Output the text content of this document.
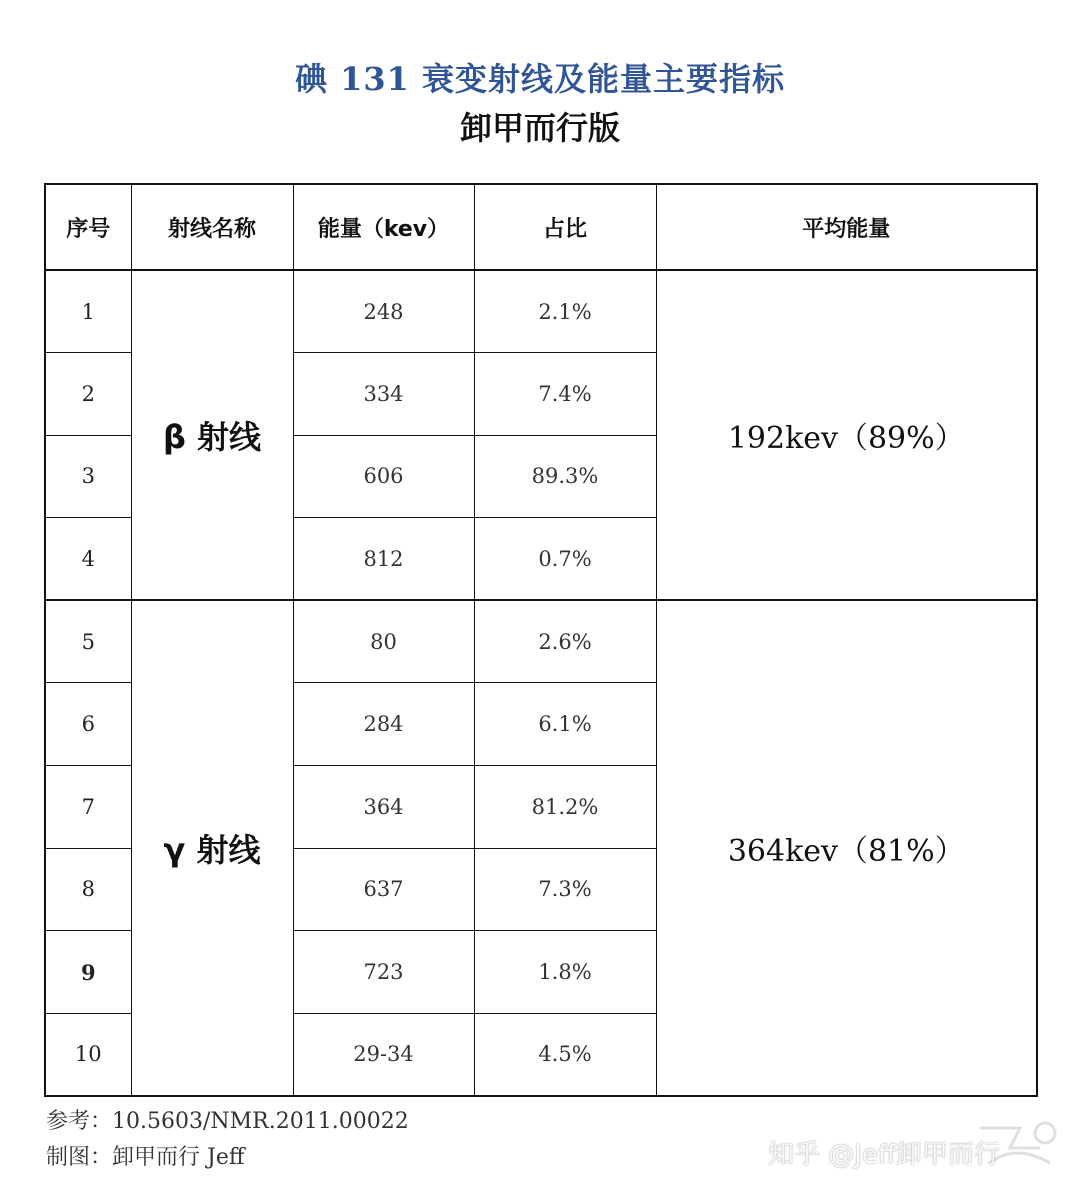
碘 131 衰变射线及能量主要指标
卸甲而行版
序号	射线名称	能量（kev）	占比	平均能量
1	β 射线	248	2.1%	192kev（89%）
2		334	7.4%	
3		606	89.3%	
4		812	0.7%	
5	γ 射线	80	2.6%	364kev（81%）
6		284	6.1%	
7		364	81.2%	
8		637	7.3%	
9		723	1.8%	
10		29-34	4.5%	
参考：10.5603/NMR.2011.00022
制图：卸甲而行 Jeff	知乎 @Jeff卸甲而行
